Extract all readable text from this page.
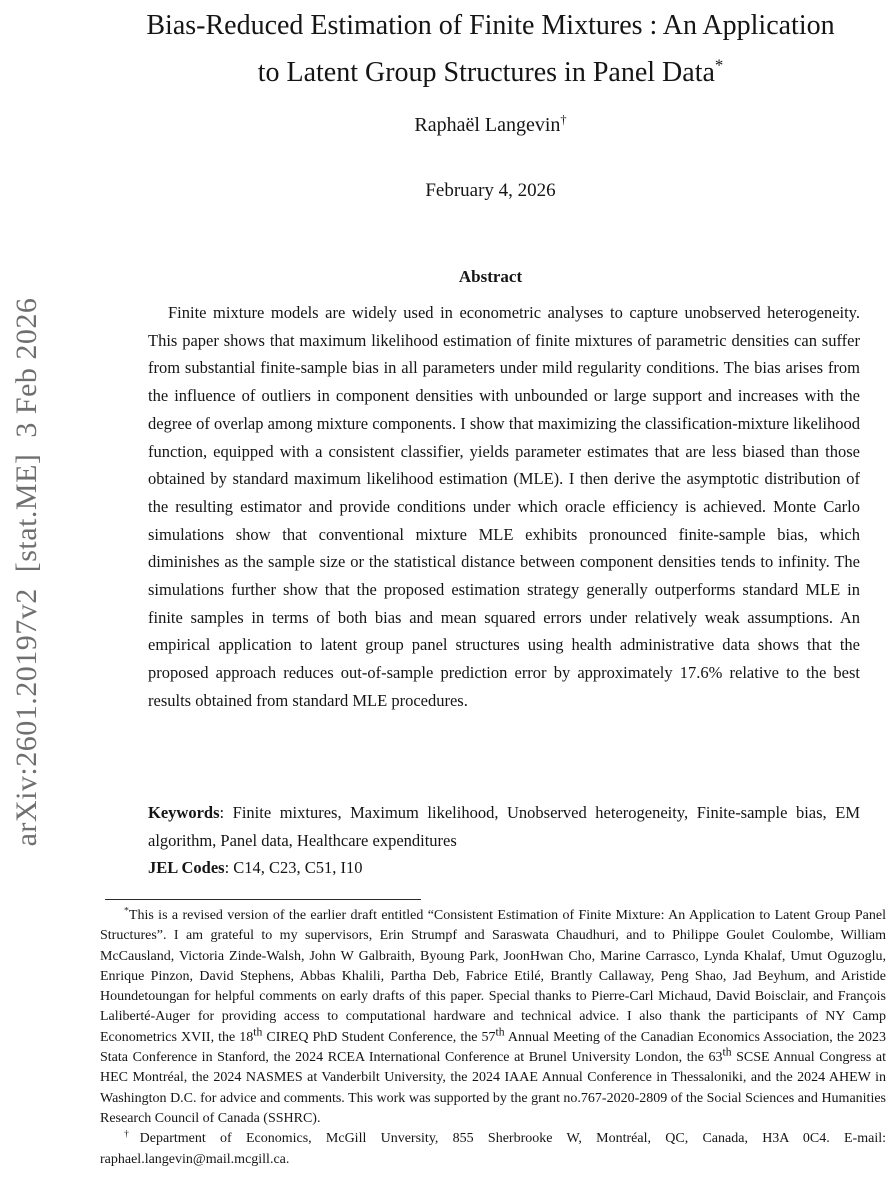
arXiv:2601.20197v2  [stat.ME]  3 Feb 2026
Bias-Reduced Estimation of Finite Mixtures : An Application
to Latent Group Structures in Panel Data*
Raphaël Langevin†
February 4, 2026
Abstract

Finite mixture models are widely used in econometric analyses to capture unobserved heterogeneity. This paper shows that maximum likelihood estimation of finite mixtures of parametric densities can suffer from substantial finite-sample bias in all parameters under mild regularity conditions. The bias arises from the influence of outliers in component densities with unbounded or large support and increases with the degree of overlap among mixture components. I show that maximizing the classification-mixture likelihood function, equipped with a consistent classifier, yields parameter estimates that are less biased than those obtained by standard maximum likelihood estimation (MLE). I then derive the asymptotic distribution of the resulting estimator and provide conditions under which oracle efficiency is achieved. Monte Carlo simulations show that conventional mixture MLE exhibits pronounced finite-sample bias, which diminishes as the sample size or the statistical distance between component densities tends to infinity. The simulations further show that the proposed estimation strategy generally outperforms standard MLE in finite samples in terms of both bias and mean squared errors under relatively weak assumptions. An empirical application to latent group panel structures using health administrative data shows that the proposed approach reduces out-of-sample prediction error by approximately 17.6% relative to the best results obtained from standard MLE procedures.

Keywords: Finite mixtures, Maximum likelihood, Unobserved heterogeneity, Finite-sample bias, EM algorithm, Panel data, Healthcare expenditures

JEL Codes: C14, C23, C51, I10

*This is a revised version of the earlier draft entitled “Consistent Estimation of Finite Mixture: An Application to Latent Group Panel Structures”. I am grateful to my supervisors, Erin Strumpf and Saraswata Chaudhuri, and to Philippe Goulet Coulombe, William McCausland, Victoria Zinde-Walsh, John W Galbraith, Byoung Park, JoonHwan Cho, Marine Carrasco, Lynda Khalaf, Umut Oguzoglu, Enrique Pinzon, David Stephens, Abbas Khalili, Partha Deb, Fabrice Etilé, Brantly Callaway, Peng Shao, Jad Beyhum, and Aristide Houndetoungan for helpful comments on early drafts of this paper. Special thanks to Pierre-Carl Michaud, David Boisclair, and François Laliberté-Auger for providing access to computational hardware and technical advice. I also thank the participants of NY Camp Econometrics XVII, the 18th CIREQ PhD Student Conference, the 57th Annual Meeting of the Canadian Economics Association, the 2023 Stata Conference in Stanford, the 2024 RCEA International Conference at Brunel University London, the 63th SCSE Annual Congress at HEC Montréal, the 2024 NASMES at Vanderbilt University, the 2024 IAAE Annual Conference in Thessaloniki, and the 2024 AHEW in Washington D.C. for advice and comments. This work was supported by the grant no.767-2020-2809 of the Social Sciences and Humanities Research Council of Canada (SSHRC).

†Department of Economics, McGill Unversity, 855 Sherbrooke W, Montréal, QC, Canada, H3A 0C4. E-mail: raphael.langevin@mail.mcgill.ca.
